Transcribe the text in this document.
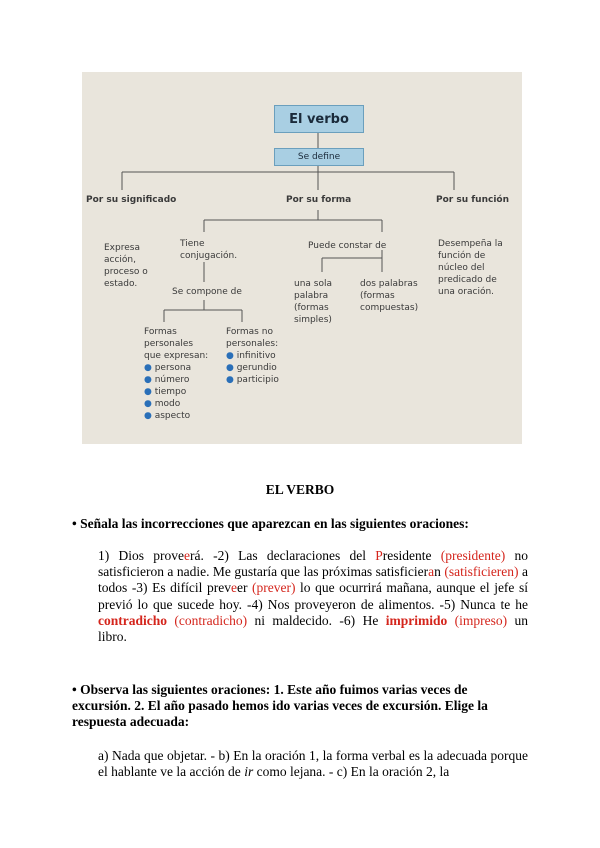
El verbo
Se define
Por su significado	Por su forma	Por su función
Expresa
acción,
proceso o
estado.
Tiene
conjugación.
Se compone de
Formas
personales
que expresan:
● persona
● número
● tiempo
● modo
● aspecto
Formas no
personales:
● infinitivo
● gerundio
● participio
Puede constar de
una sola
palabra
(formas
simples)
dos palabras
(formas
compuestas)
Desempeña la
función de
núcleo del
predicado de
una oración.
EL VERBO
• Señala las incorrecciones que aparezcan en las siguientes oraciones:
1) Dios proveerá. -2) Las declaraciones del Presidente (presidente) no satisficieron a nadie. Me gustaría que las próximas satisficieran (satisficieren) a todos -3) Es difícil preveer (prever) lo que ocurrirá mañana, aunque el jefe sí previó lo que sucede hoy. -4) Nos proveyeron de alimentos. -5) Nunca te he contradicho (contradicho) ni maldecido. -6) He imprimido (impreso) un libro.
• Observa las siguientes oraciones: 1. Este año fuimos varias veces de excursión. 2. El año pasado hemos ido varias veces de excursión. Elige la respuesta adecuada:
a) Nada que objetar. - b) En la oración 1, la forma verbal es la adecuada porque el hablante ve la acción de ir como lejana. - c) En la oración 2, la
